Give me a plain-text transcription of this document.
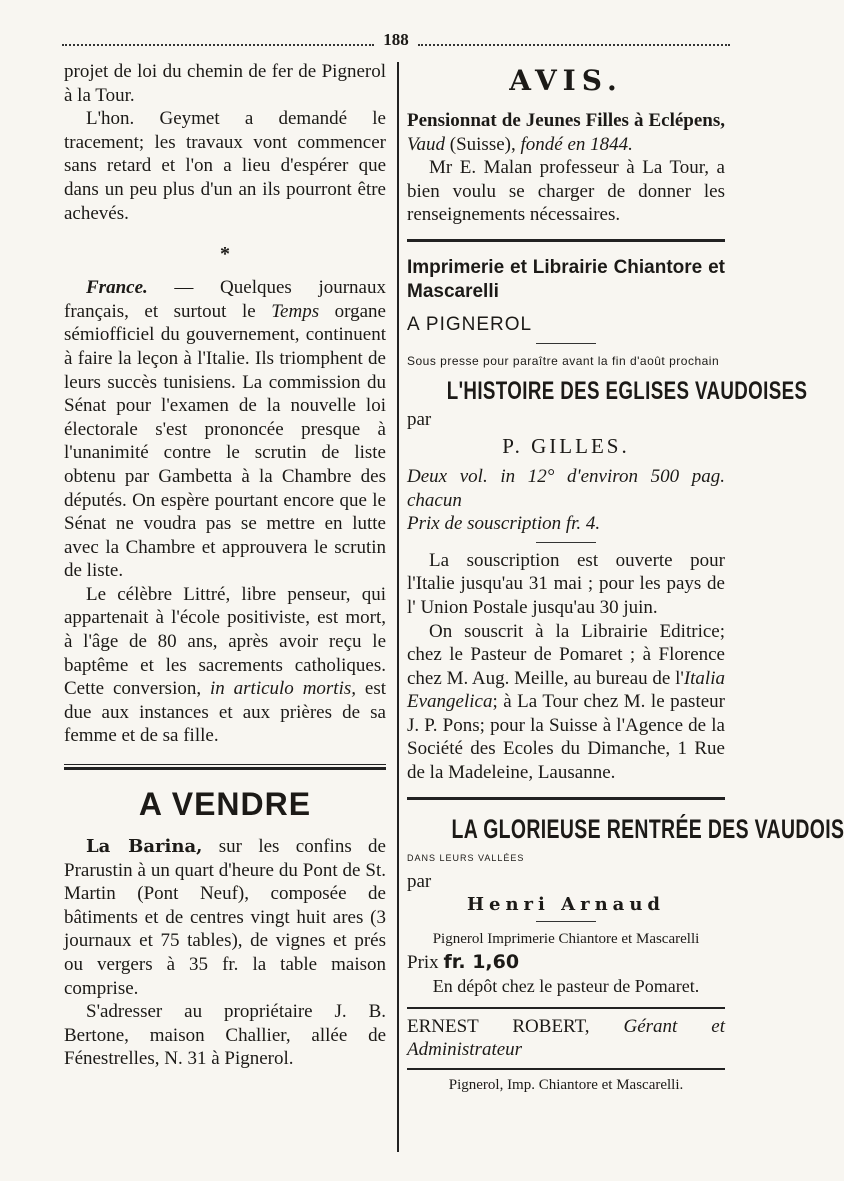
188

projet de loi du chemin de fer de Pignerol à la Tour.

L'hon. Geymet a demandé le tracement; les travaux vont commencer sans retard et l'on a lieu d'espérer que dans un peu plus d'un an ils pourront être achevés.

*

France. — Quelques journaux français, et surtout le Temps organe sémiofficiel du gouvernement, continuent à faire la leçon à l'Italie. Ils triomphent de leurs succès tunisiens. La commission du Sénat pour l'examen de la nouvelle loi électorale s'est prononcée presque à l'unanimité contre le scrutin de liste obtenu par Gambetta à la Chambre des députés. On espère pourtant encore que le Sénat ne voudra pas se mettre en lutte avec la Chambre et approuvera le scrutin de liste.

Le célèbre Littré, libre penseur, qui appartenait à l'école positiviste, est mort, à l'âge de 80 ans, après avoir reçu le baptême et les sacrements catholiques. Cette conversion, in articulo mortis, est due aux instances et aux prières de sa femme et de sa fille.

A VENDRE

La Barina, sur les confins de Prarustin à un quart d'heure du Pont de St. Martin (Pont Neuf), composée de bâtiments et de centres vingt huit ares (3 journaux et 75 tables), de vignes et prés ou vergers à 35 fr. la table maison comprise.

S'adresser au propriétaire J. B. Bertone, maison Challier, allée de Fénestrelles, N. 31 à Pignerol.

AVIS.

Pensionnat de Jeunes Filles à Eclépens, Vaud (Suisse), fondé en 1844.

Mr E. Malan professeur à La Tour, a bien voulu se charger de donner les renseignements nécessaires.

Imprimerie et Librairie Chiantore et Mascarelli

A PIGNEROL

Sous presse pour paraître avant la fin d'août prochain

L'HISTOIRE DES EGLISES VAUDOISES

par

P. GILLES.

Deux vol. in 12° d'environ 500 pag. chacun

Prix de souscription fr. 4.

La souscription est ouverte pour l'Italie jusqu'au 31 mai ; pour les pays de l' Union Postale jusqu'au 30 juin.

On souscrit à la Librairie Editrice; chez le Pasteur de Pomaret ; à Florence chez M. Aug. Meille, au bureau de l'Italia Evangelica; à La Tour chez M. le pasteur J. P. Pons; pour la Suisse à l'Agence de la Société des Ecoles du Dimanche, 1 Rue de la Madeleine, Lausanne.

LA GLORIEUSE RENTRÉE DES VAUDOIS

DANS LEURS VALLÉES

par

Henri Arnaud

Pignerol Imprimerie Chiantore et Mascarelli

Prix fr. 1,60

En dépôt chez le pasteur de Pomaret.

ERNEST ROBERT, Gérant et Administrateur

Pignerol, Imp. Chiantore et Mascarelli.
